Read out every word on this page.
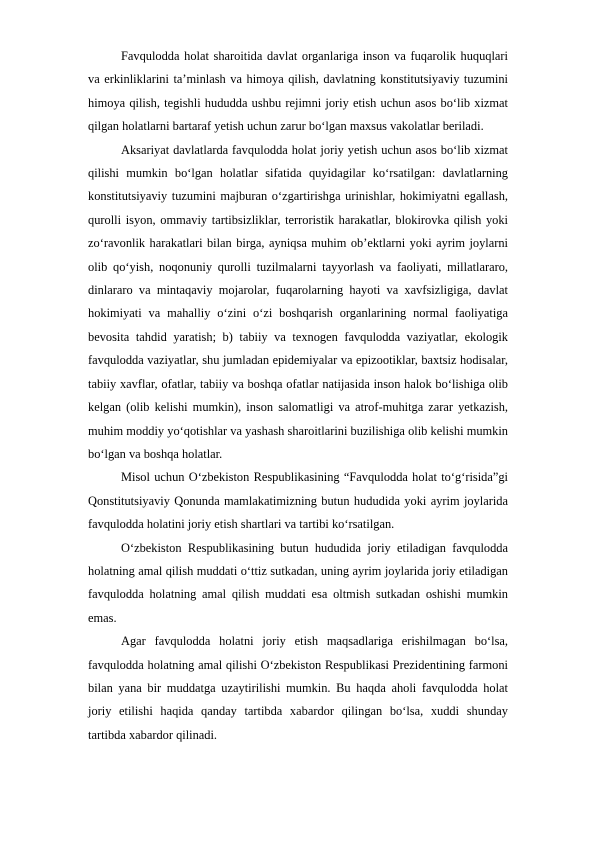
Favqulodda holat sharoitida davlat organlariga inson va fuqarolik huquqlari va erkinliklarini ta’minlash va himoya qilish, davlatning konstitutsiyaviy tuzumini himoya qilish, tegishli hududda ushbu rejimni joriy etish uchun asos bo‘lib xizmat qilgan holatlarni bartaraf yetish uchun zarur bo‘lgan maxsus vakolatlar beriladi.

Aksariyat davlatlarda favqulodda holat joriy yetish uchun asos bo‘lib xizmat qilishi mumkin bo‘lgan holatlar sifatida quyidagilar ko‘rsatilgan: davlatlarning konstitutsiyaviy tuzumini majburan o‘zgartirishga urinishlar, hokimiyatni egallash, qurolli isyon, ommaviy tartibsizliklar, terroristik harakatlar, blokirovka qilish yoki zo‘ravonlik harakatlari bilan birga, ayniqsa muhim ob’ektlarni yoki ayrim joylarni olib qo‘yish, noqonuniy qurolli tuzilmalarni tayyorlash va faoliyati, millatlararo, dinlararo va mintaqaviy mojarolar, fuqarolarning hayoti va xavfsizligiga, davlat hokimiyati va mahalliy o‘zini o‘zi boshqarish organlarining normal faoliyatiga bevosita tahdid yaratish; b) tabiiy va texnogen favqulodda vaziyatlar, ekologik favqulodda vaziyatlar, shu jumladan epidemiyalar va epizootiklar, baxtsiz hodisalar, tabiiy xavflar, ofatlar, tabiiy va boshqa ofatlar natijasida inson halok bo‘lishiga olib kelgan (olib kelishi mumkin), inson salomatligi va atrof-muhitga zarar yetkazish, muhim moddiy yo‘qotishlar va yashash sharoitlarini buzilishiga olib kelishi mumkin bo‘lgan va boshqa holatlar.

Misol uchun O‘zbekiston Respublikasining “Favqulodda holat to‘g‘risida”gi Qonstitutsiyaviy Qonunda mamlakatimizning butun hududida yoki ayrim joylarida favqulodda holatini joriy etish shartlari va tartibi ko‘rsatilgan.

O‘zbekiston Respublikasining butun hududida joriy etiladigan favqulodda holatning amal qilish muddati o‘ttiz sutkadan, uning ayrim joylarida joriy etiladigan favqulodda holatning amal qilish muddati esa oltmish sutkadan oshishi mumkin emas.

Agar favqulodda holatni joriy etish maqsadlariga erishilmagan bo‘lsa, favqulodda holatning amal qilishi O‘zbekiston Respublikasi Prezidentining farmoni bilan yana bir muddatga uzaytirilishi mumkin. Bu haqda aholi favqulodda holat joriy etilishi haqida qanday tartibda xabardor qilingan bo‘lsa, xuddi shunday tartibda xabardor qilinadi.
